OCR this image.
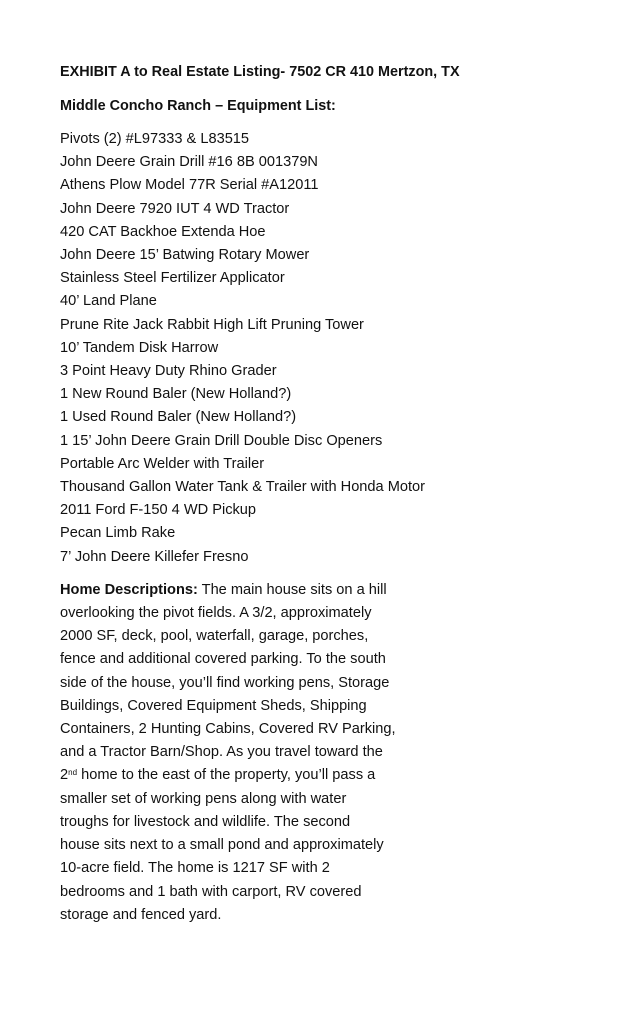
EXHIBIT A to Real Estate Listing- 7502 CR 410 Mertzon, TX

Middle Concho Ranch – Equipment List:

Pivots (2) #L97333 & L83515
John Deere Grain Drill #16 8B 001379N
Athens Plow Model 77R Serial #A12011
John Deere 7920 IUT 4 WD Tractor
420 CAT Backhoe Extenda Hoe
John Deere 15’ Batwing Rotary Mower
Stainless Steel Fertilizer Applicator
40’ Land Plane
Prune Rite Jack Rabbit High Lift Pruning Tower
10’ Tandem Disk Harrow
3 Point Heavy Duty Rhino Grader
1 New Round Baler (New Holland?)
1 Used Round Baler (New Holland?)
1 15’ John Deere Grain Drill Double Disc Openers
Portable Arc Welder with Trailer
Thousand Gallon Water Tank & Trailer with Honda Motor
2011 Ford F-150 4 WD Pickup
Pecan Limb Rake
7’ John Deere Killefer Fresno
Home Descriptions: The main house sits on a hill
overlooking the pivot fields. A 3/2, approximately
2000 SF, deck, pool, waterfall, garage, porches,
fence and additional covered parking. To the south
side of the house, you’ll find working pens, Storage
Buildings, Covered Equipment Sheds, Shipping
Containers, 2 Hunting Cabins, Covered RV Parking,
and a Tractor Barn/Shop. As you travel toward the
2nd home to the east of the property, you’ll pass a
smaller set of working pens along with water
troughs for livestock and wildlife. The second
house sits next to a small pond and approximately
10-acre field. The home is 1217 SF with 2
bedrooms and 1 bath with carport, RV covered
storage and fenced yard.
